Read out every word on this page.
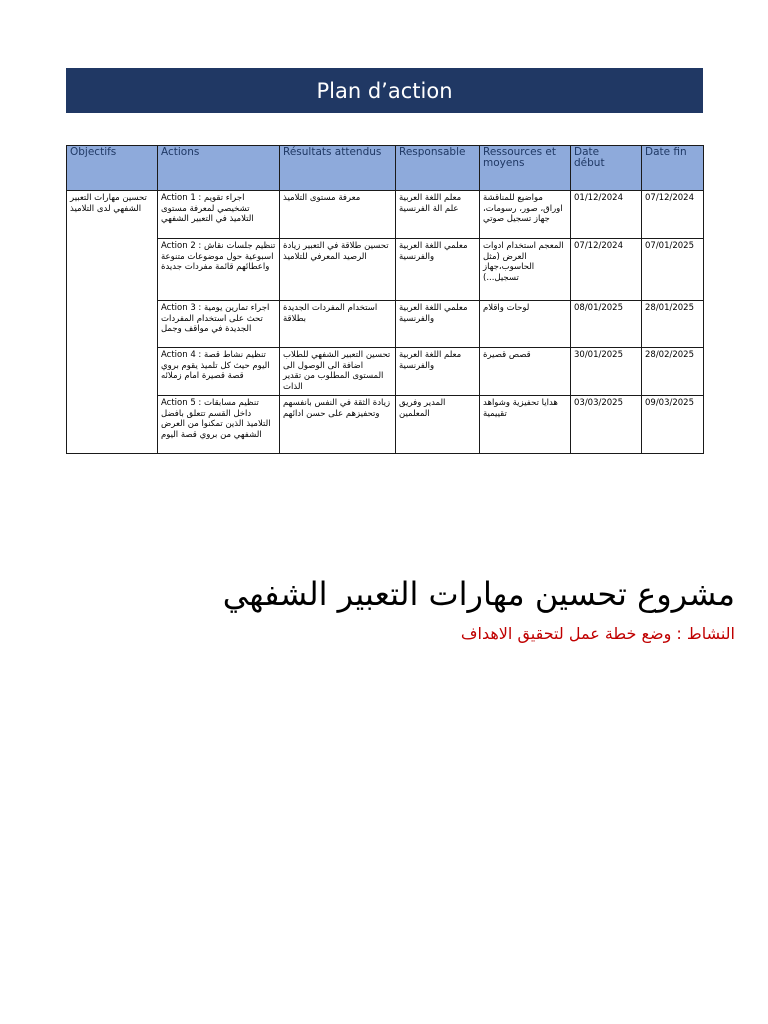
Plan d’action
Objectifs	Actions	Résultats attendus	Responsable	Ressources et moyens	Date début	Date fin

تحسين مهارات التعبير الشفهي لدى التلاميذ	Action 1 : اجراء تقويم تشخيصي لمعرفة مستوى التلاميذ في التعبير الشفهي	معرفة مستوى التلاميذ	معلم اللغة العربية علم الة الفرنسية	مواضيع للمناقشة اوراق، صور، رسومات، جهاز تسجيل صوتي	01/12/2024	07/12/2024

	Action 2 : تنظيم جلسات نقاش اسبوعية حول موضوعات متنوعة واعطائهم قائمة مفردات جديدة	تحسين طلاقة في التعبير زيادة الرصيد المعرفي للتلاميذ	معلمي اللغة العربية والفرنسية	المعجم استخدام ادوات العرض (مثل الحاسوب،جهاز تسجيل...)	07/12/2024	07/01/2025

	Action 3 : اجراء تمارين يومية تحث على استخدام المفردات الجديدة في مواقف وجمل	استخدام المفردات الجديدة بطلاقة	معلمي اللغة العربية والفرنسية	لوحات واقلام	08/01/2025	28/01/2025

	Action 4 : تنظيم نشاط قصة اليوم حيث كل تلميذ يقوم بروي قصة قصيرة امام زملائه	تحسين التعبير الشفهي للطلاب اضافة الى الوصول الى المستوى المطلوب من تقدير الذات	معلم اللغة العربية والفرنسية	قصص قصيرة	30/01/2025	28/02/2025

	Action 5 : تنظيم مسابقات داخل القسم تتعلق بافضل التلاميذ الذين تمكنوا من العرض الشفهي من بروي قصة اليوم	زيادة الثقة في النفس بانفسهم وتحفيزهم على حسن ادائهم	المدير وفريق المعلمين	هدايا تحفيزية وشواهد تقييمية	03/03/2025	09/03/2025
مشروع تحسين مهارات التعبير الشفهي
النشاط : وضع خطة عمل لتحقيق الاهداف
